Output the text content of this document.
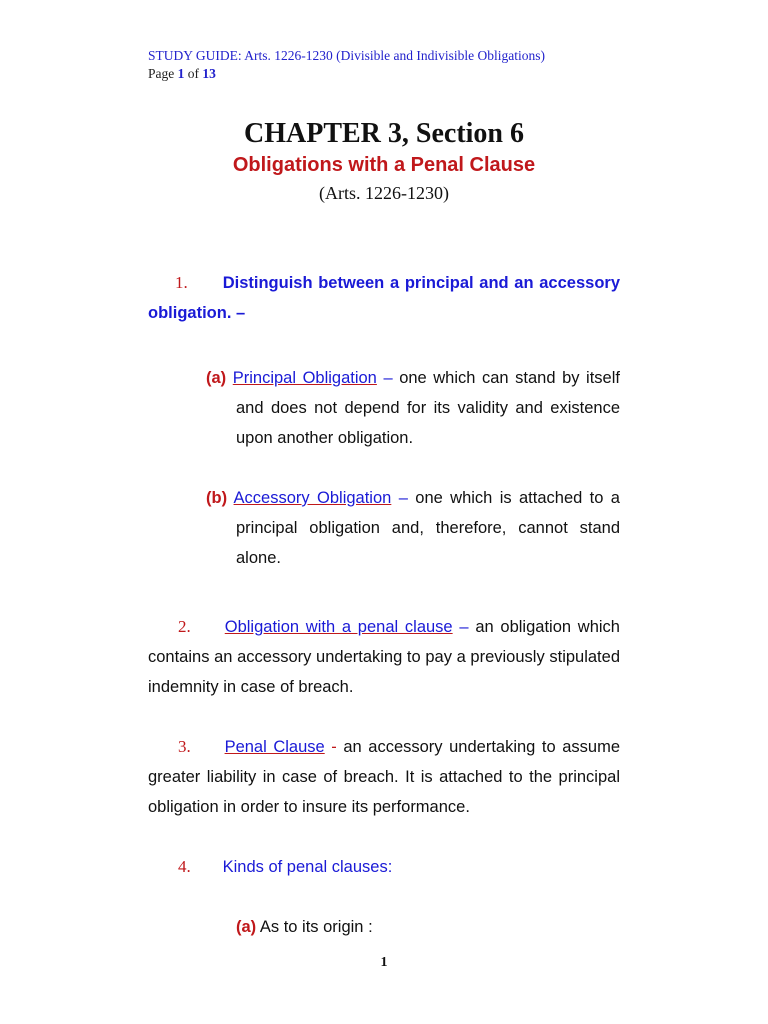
STUDY GUIDE: Arts. 1226-1230 (Divisible and Indivisible Obligations)
Page 1 of 13
CHAPTER 3, Section 6
Obligations with a Penal Clause
(Arts. 1226-1230)
1. Distinguish between a principal and an accessory obligation. –
(a) Principal Obligation – one which can stand by itself and does not depend for its validity and existence upon another obligation.
(b) Accessory Obligation – one which is attached to a principal obligation and, therefore, cannot stand alone.
2. Obligation with a penal clause – an obligation which contains an accessory undertaking to pay a previously stipulated indemnity in case of breach.
3. Penal Clause - an accessory undertaking to assume greater liability in case of breach. It is attached to the principal obligation in order to insure its performance.
4. Kinds of penal clauses:
(a) As to its origin :
1
